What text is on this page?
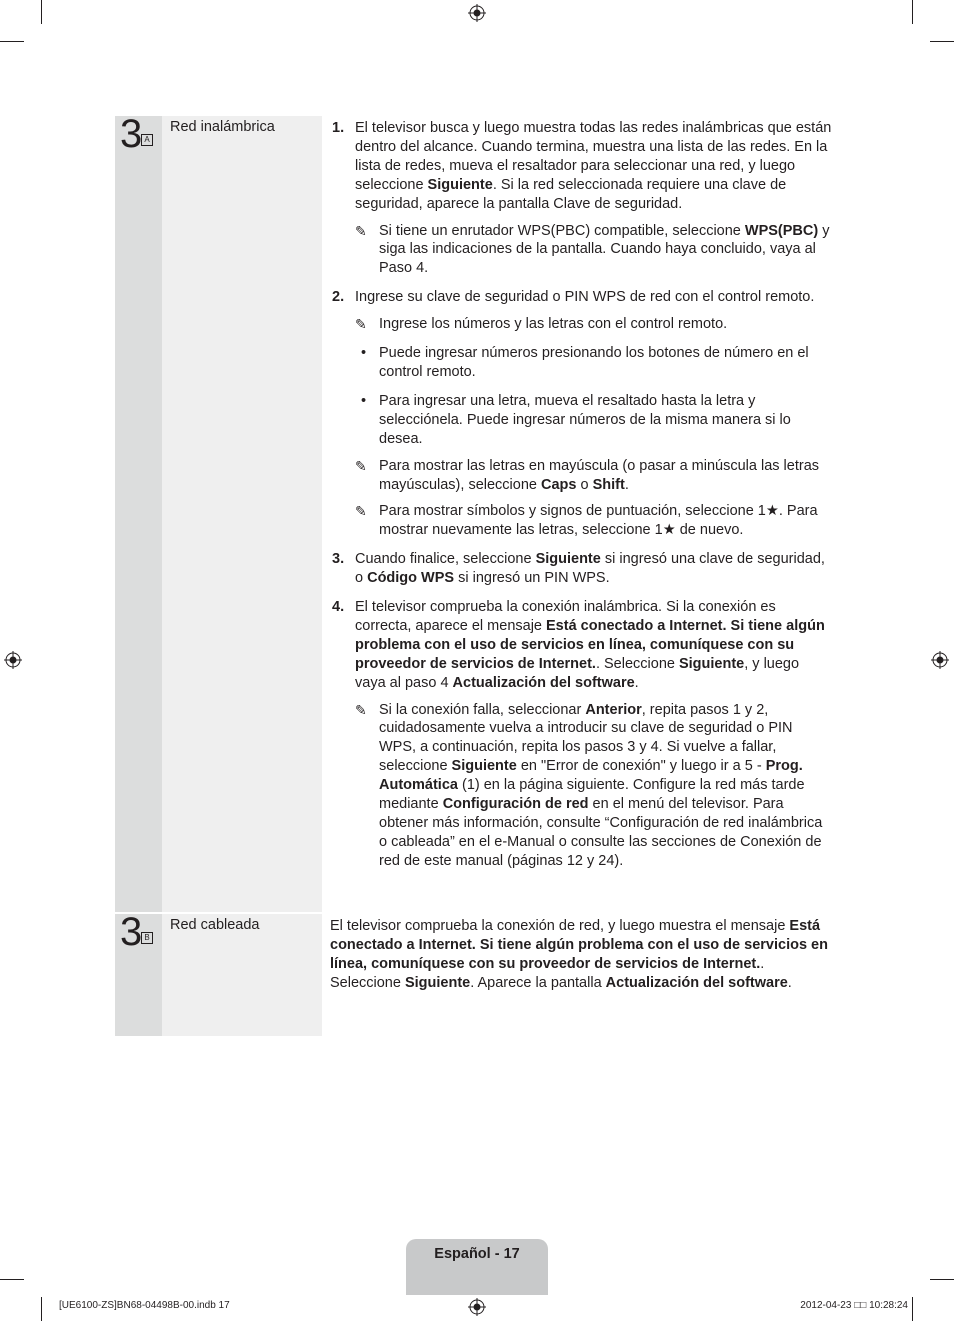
3 A
Red inalámbrica	1. El televisor busca y luego muestra todas las redes inalámbricas que están dentro del alcance. Cuando termina, muestra una lista de las redes. En la lista de redes, mueva el resaltador para seleccionar una red, y luego seleccione Siguiente. Si la red seleccionada requiere una clave de seguridad, aparece la pantalla Clave de seguridad.
✎ Si tiene un enrutador WPS(PBC) compatible, seleccione WPS(PBC) y siga las indicaciones de la pantalla. Cuando haya concluido, vaya al Paso 4.
2. Ingrese su clave de seguridad o PIN WPS de red con el control remoto.
✎ Ingrese los números y las letras con el control remoto.
• Puede ingresar números presionando los botones de número en el control remoto.
• Para ingresar una letra, mueva el resaltado hasta la letra y selecciónela. Puede ingresar números de la misma manera si lo desea.
✎ Para mostrar las letras en mayúscula (o pasar a minúscula las letras mayúsculas), seleccione Caps o Shift.
✎ Para mostrar símbolos y signos de puntuación, seleccione 1★. Para mostrar nuevamente las letras, seleccione 1★ de nuevo.
3. Cuando finalice, seleccione Siguiente si ingresó una clave de seguridad, o Código WPS si ingresó un PIN WPS.
4. El televisor comprueba la conexión inalámbrica. Si la conexión es correcta, aparece el mensaje Está conectado a Internet. Si tiene algún problema con el uso de servicios en línea, comuníquese con su proveedor de servicios de Internet.. Seleccione Siguiente, y luego vaya al paso 4 Actualización del software.
✎ Si la conexión falla, seleccionar Anterior, repita pasos 1 y 2, cuidadosamente vuelva a introducir su clave de seguridad o PIN WPS, a continuación, repita los pasos 3 y 4. Si vuelve a fallar, seleccione Siguiente en "Error de conexión" y luego ir a 5 - Prog. Automática (1) en la página siguiente. Configure la red más tarde mediante Configuración de red en el menú del televisor. Para obtener más información, consulte “Configuración de red inalámbrica o cableada” en el e-Manual o consulte las secciones de Conexión de red de este manual (páginas 12 y 24).
3 B
Red cableada	El televisor comprueba la conexión de red, y luego muestra el mensaje Está conectado a Internet. Si tiene algún problema con el uso de servicios en línea, comuníquese con su proveedor de servicios de Internet.. Seleccione Siguiente. Aparece la pantalla Actualización del software.
Español - 17
[UE6100-ZS]BN68-04498B-00.indb 17	2012-04-23 □□ 10:28:24
